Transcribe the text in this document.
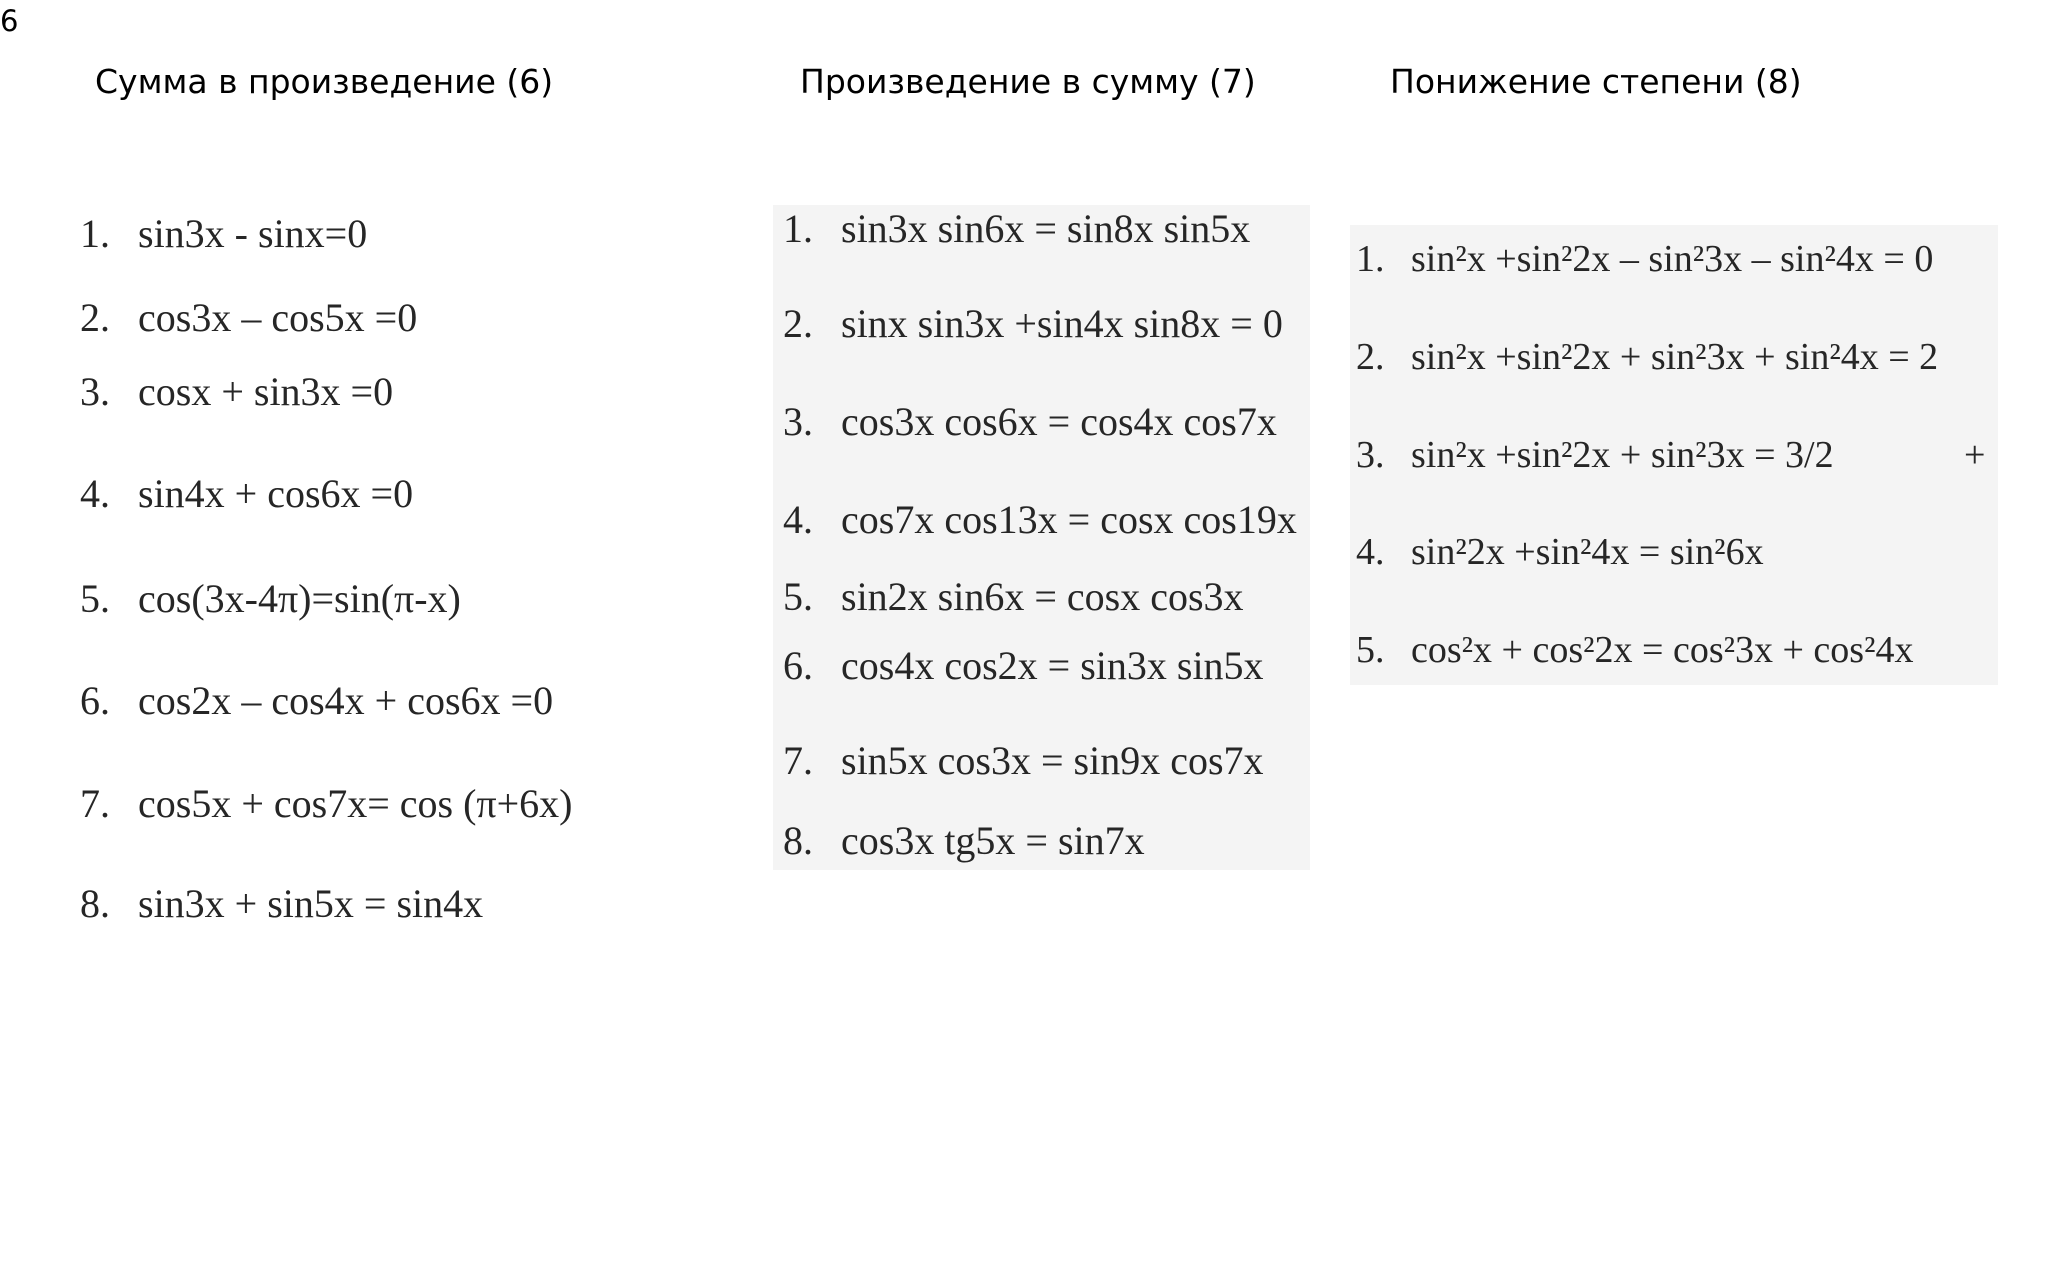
6
Сумма в произведение (6)	Произведение в сумму (7)	Понижение степени (8)
1. sin3x - sinx=0
2. cos3x – cos5x =0
3. cosx + sin3x =0
4. sin4x + cos6x =0
5. cos(3x-4π)=sin(π-x)
6. cos2x – cos4x + cos6x =0
7. cos5x + cos7x= cos (π+6x)
8. sin3x + sin5x = sin4x
1. sin3x sin6x = sin8x sin5x
2. sinx sin3x +sin4x sin8x = 0
3. cos3x cos6x = cos4x cos7x
4. cos7x cos13x = cosx cos19x
5. sin2x sin6x = cosx cos3x
6. cos4x cos2x = sin3x sin5x
7. sin5x cos3x = sin9x cos7x
8. cos3x tg5x = sin7x
1. sin²x +sin²2x – sin²3x – sin²4x = 0
2. sin²x +sin²2x + sin²3x + sin²4x = 2
3. sin²x +sin²2x + sin²3x = 3/2	+
4. sin²2x +sin²4x = sin²6x
5. cos²x + cos²2x = cos²3x + cos²4x
